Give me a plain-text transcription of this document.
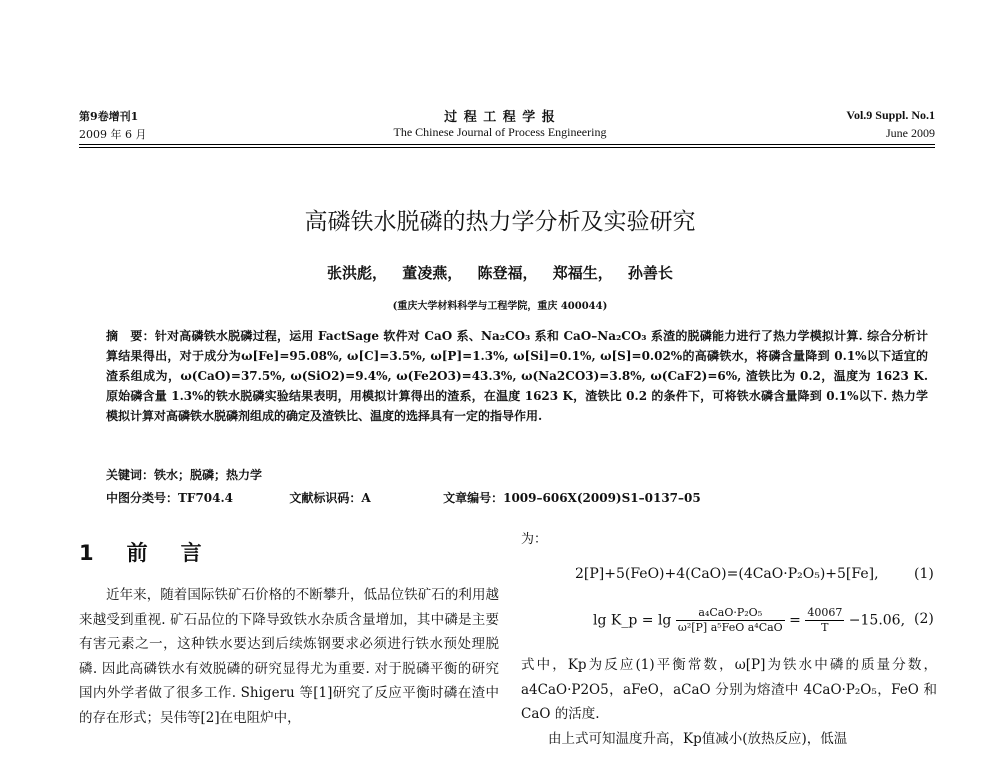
第9卷增刊1
2009 年 6 月
过 程 工 程 学 报
The Chinese Journal of Process Engineering
Vol.9 Suppl. No.1
June 2009
高磷铁水脱磷的热力学分析及实验研究
张洪彪， 董凌燕， 陈登福， 郑福生， 孙善长
(重庆大学材料科学与工程学院，重庆 400044)
摘　要：针对高磷铁水脱磷过程，运用 FactSage 软件对 CaO 系、Na₂CO₃ 系和 CaO–Na₂CO₃ 系渣的脱磷能力进行了热力学模拟计算. 综合分析计算结果得出，对于成分为ω[Fe]=95.08%, ω[C]=3.5%, ω[P]=1.3%, ω[Si]=0.1%, ω[S]=0.02%的高磷铁水，将磷含量降到 0.1%以下适宜的渣系组成为，ω(CaO)=37.5%, ω(SiO2)=9.4%, ω(Fe2O3)=43.3%, ω(Na2CO3)=3.8%, ω(CaF2)=6%, 渣铁比为 0.2，温度为 1623 K. 原始磷含量 1.3%的铁水脱磷实验结果表明，用模拟计算得出的渣系，在温度 1623 K，渣铁比 0.2 的条件下，可将铁水磷含量降到 0.1%以下. 热力学模拟计算对高磷铁水脱磷剂组成的确定及渣铁比、温度的选择具有一定的指导作用.
关键词：铁水；脱磷；热力学
中图分类号：TF704.4	文献标识码：A	文章编号：1009–606X(2009)S1–0137–05
1　前　言
近年来，随着国际铁矿石价格的不断攀升，低品位铁矿石的利用越来越受到重视. 矿石品位的下降导致铁水杂质含量增加，其中磷是主要有害元素之一，这种铁水要达到后续炼钢要求必须进行铁水预处理脱磷. 因此高磷铁水有效脱磷的研究显得尤为重要. 对于脱磷平衡的研究国内外学者做了很多工作. Shigeru 等[1]研究了反应平衡时磷在渣中的存在形式；吴伟等[2]在电阻炉中，
为：
2[P]+5(FeO)+4(CaO)=(4CaO·P₂O₅)+5[Fe],	(1)
lg K_p = $\lg \frac{\text{a₄CaO·P₂O₅}}{\text{ω²[P] a⁵FeO a⁴CaO}} = \frac{40067}{T} -15.06$, (2)
式中，Kp为反应(1)平衡常数，ω[P]为铁水中磷的质量分数，a4CaO·P2O5，aFeO，aCaO 分别为熔渣中 4CaO·P₂O₅，FeO 和 CaO 的活度.
由上式可知温度升高，Kp值减小(放热反应)，低温
